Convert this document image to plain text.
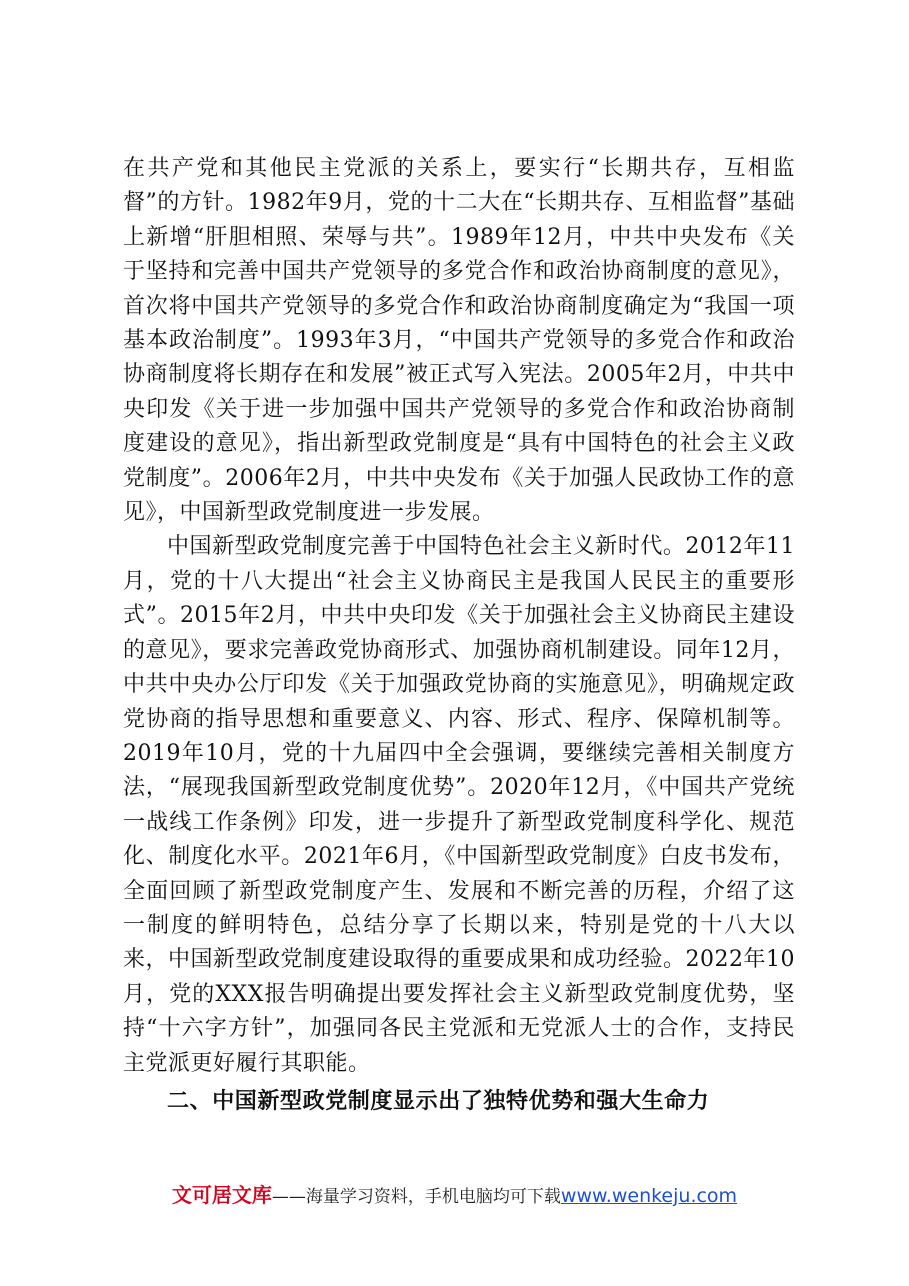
在共产党和其他民主党派的关系上，要实行“长期共存，互相监督”的方针。1982年9月，党的十二大在“长期共存、互相监督”基础上新增“肝胆相照、荣辱与共”。1989年12月，中共中央发布《关于坚持和完善中国共产党领导的多党合作和政治协商制度的意见》，首次将中国共产党领导的多党合作和政治协商制度确定为“我国一项基本政治制度”。1993年3月，“中国共产党领导的多党合作和政治协商制度将长期存在和发展”被正式写入宪法。2005年2月，中共中央印发《关于进一步加强中国共产党领导的多党合作和政治协商制度建设的意见》，指出新型政党制度是“具有中国特色的社会主义政党制度”。2006年2月，中共中央发布《关于加强人民政协工作的意见》，中国新型政党制度进一步发展。

中国新型政党制度完善于中国特色社会主义新时代。2012年11月，党的十八大提出“社会主义协商民主是我国人民民主的重要形式”。2015年2月，中共中央印发《关于加强社会主义协商民主建设的意见》，要求完善政党协商形式、加强协商机制建设。同年12月，中共中央办公厅印发《关于加强政党协商的实施意见》，明确规定政党协商的指导思想和重要意义、内容、形式、程序、保障机制等。2019年10月，党的十九届四中全会强调，要继续完善相关制度方法，“展现我国新型政党制度优势”。2020年12月，《中国共产党统一战线工作条例》印发，进一步提升了新型政党制度科学化、规范化、制度化水平。2021年6月，《中国新型政党制度》白皮书发布，全面回顾了新型政党制度产生、发展和不断完善的历程，介绍了这一制度的鲜明特色，总结分享了长期以来，特别是党的十八大以来，中国新型政党制度建设取得的重要成果和成功经验。2022年10月，党的XXX报告明确提出要发挥社会主义新型政党制度优势，坚持“十六字方针”，加强同各民主党派和无党派人士的合作，支持民主党派更好履行其职能。

二、中国新型政党制度显示出了独特优势和强大生命力
文可居文库——海量学习资料，手机电脑均可下载www.wenkeju.com
